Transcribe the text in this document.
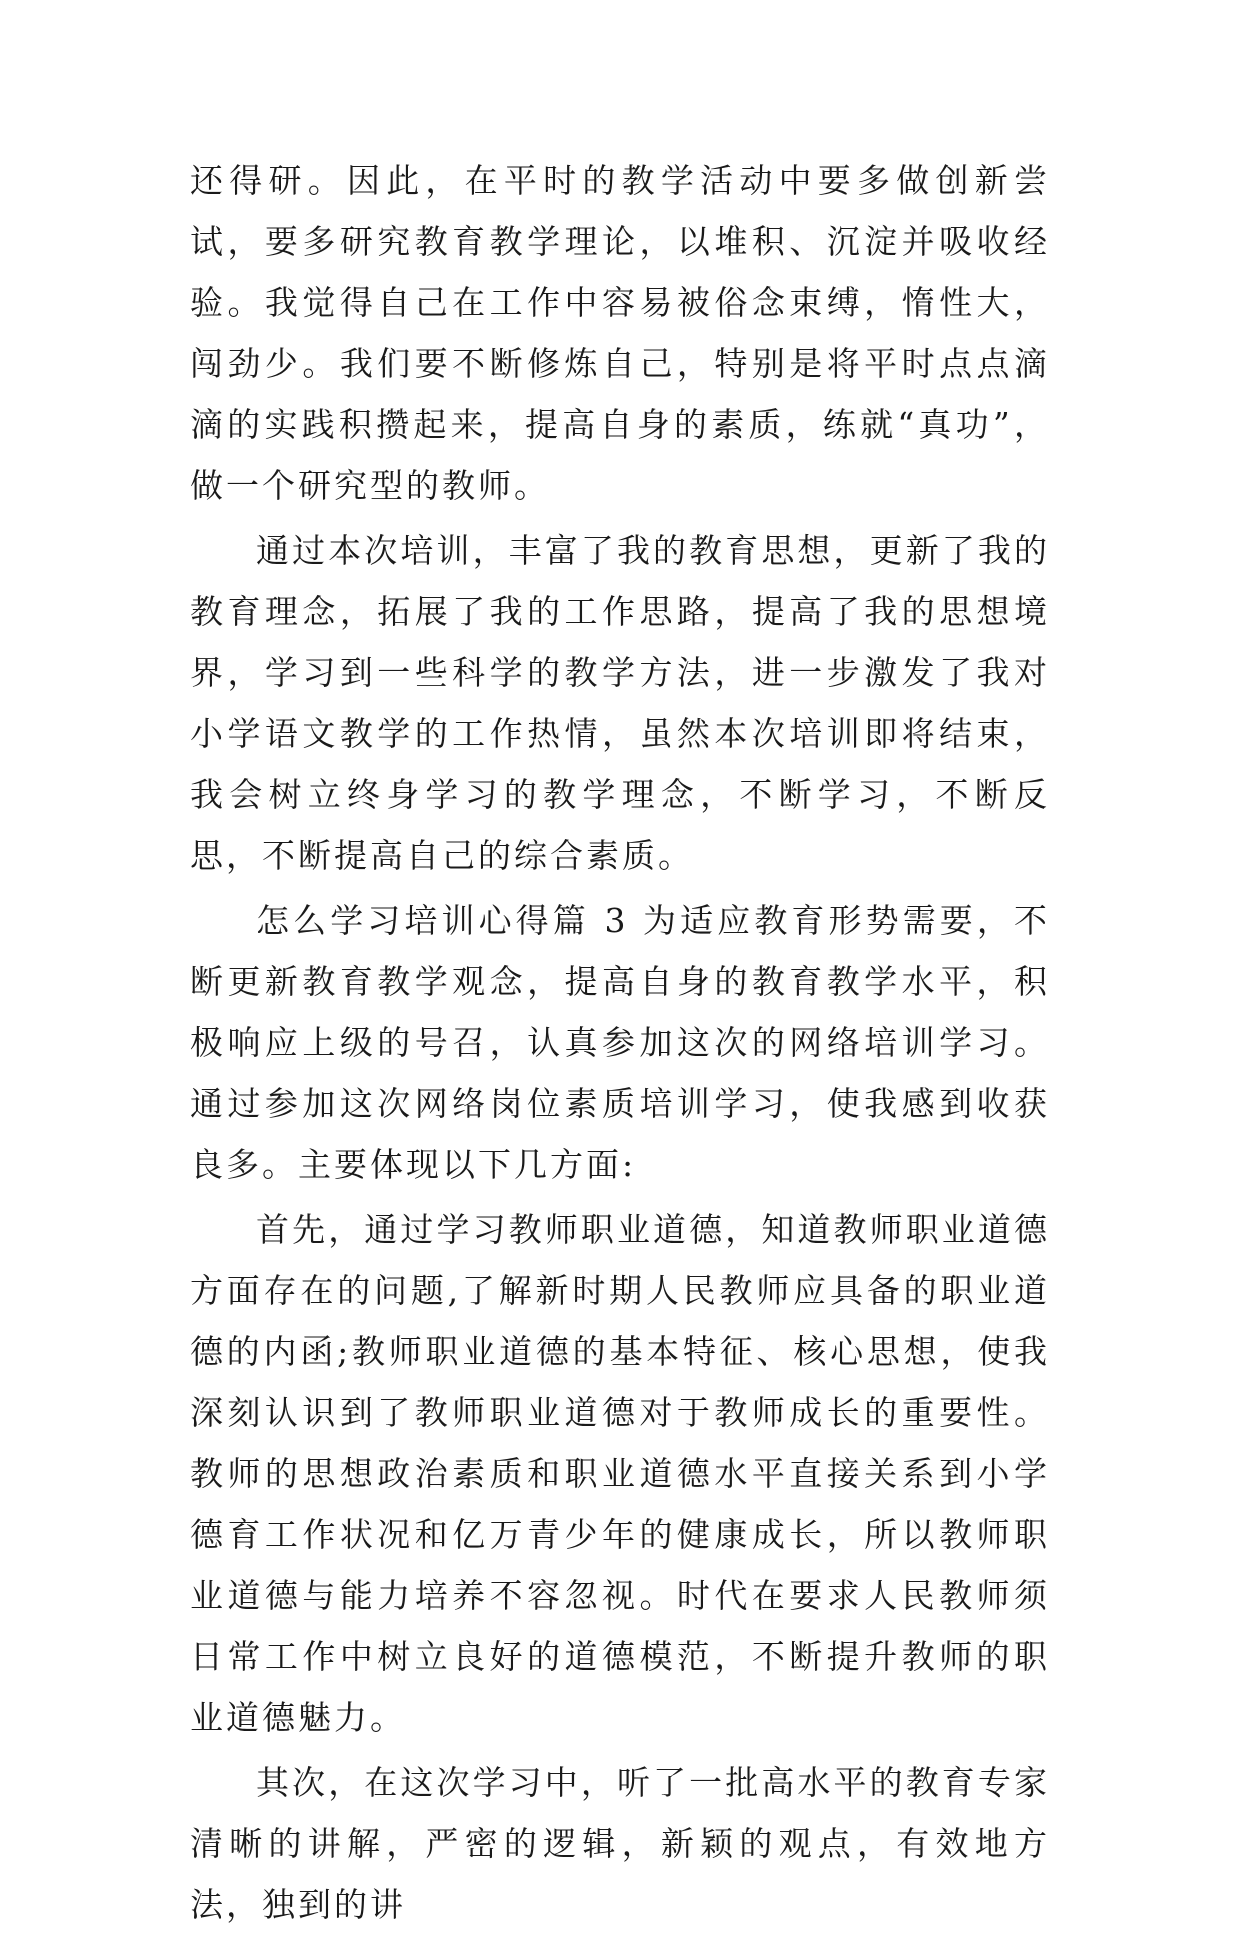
还得研。因此，在平时的教学活动中要多做创新尝试，要多研究教育教学理论，以堆积、沉淀并吸收经验。我觉得自己在工作中容易被俗念束缚，惰性大，闯劲少。我们要不断修炼自己，特别是将平时点点滴滴的实践积攒起来，提高自身的素质，练就“真功”，做一个研究型的教师。

通过本次培训，丰富了我的教育思想，更新了我的教育理念，拓展了我的工作思路，提高了我的思想境界，学习到一些科学的教学方法，进一步激发了我对小学语文教学的工作热情，虽然本次培训即将结束，我会树立终身学习的教学理念，不断学习，不断反思，不断提高自己的综合素质。

怎么学习培训心得篇 3 为适应教育形势需要，不断更新教育教学观念，提高自身的教育教学水平，积极响应上级的号召，认真参加这次的网络培训学习。通过参加这次网络岗位素质培训学习，使我感到收获良多。主要体现以下几方面:

首先，通过学习教师职业道德，知道教师职业道德方面存在的问题,了解新时期人民教师应具备的职业道德的内函;教师职业道德的基本特征、核心思想，使我深刻认识到了教师职业道德对于教师成长的重要性。教师的思想政治素质和职业道德水平直接关系到小学德育工作状况和亿万青少年的健康成长，所以教师职业道德与能力培养不容忽视。时代在要求人民教师须日常工作中树立良好的道德模范，不断提升教师的职业道德魅力。

其次，在这次学习中，听了一批高水平的教育专家清晰的讲解，严密的逻辑，新颖的观点，有效地方法，独到的讲
